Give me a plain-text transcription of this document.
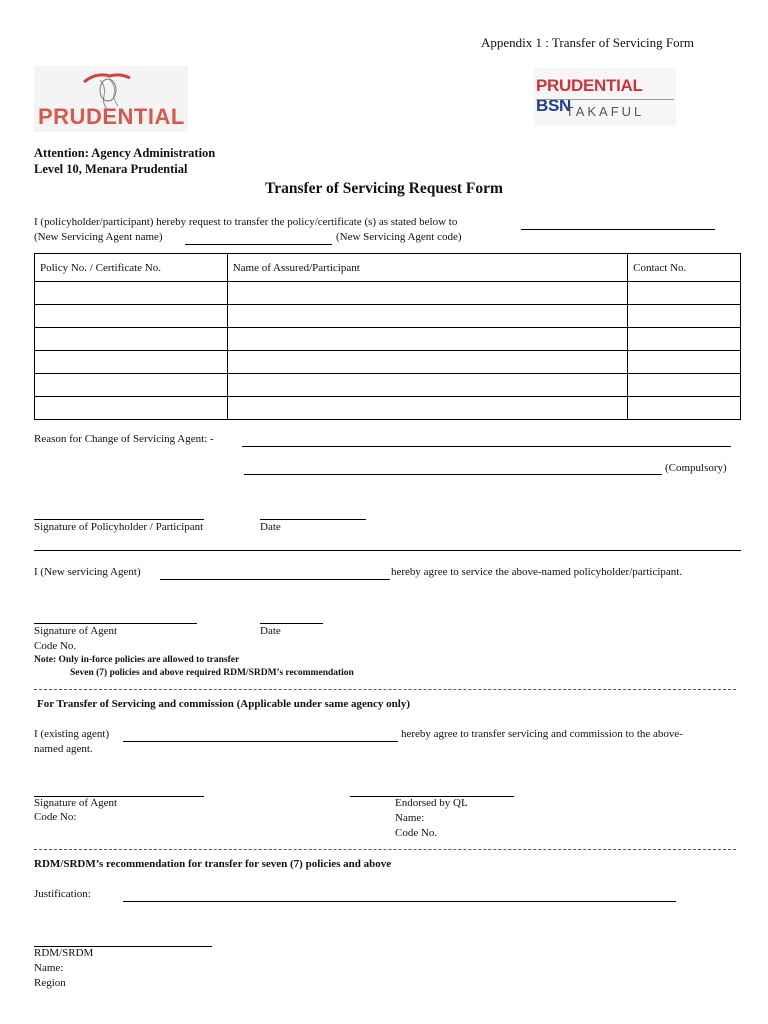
Appendix 1 : Transfer of Servicing Form
PRUDENTIAL
PRUDENTIAL BSN
TAKAFUL
Attention: Agency Administration
Level 10, Menara Prudential
Transfer of Servicing Request Form
I (policyholder/participant) hereby request to transfer the policy/certificate (s) as stated below to
(New Servicing Agent name)	(New Servicing Agent code)
Policy No. / Certificate No.	Name of Assured/Participant	Contact No.

Reason for Change of Servicing Agent: -
(Compulsory)
Signature of Policyholder / Participant	Date
I (New servicing Agent)	hereby agree to service the above-named policyholder/participant.
Signature of Agent	Date
Code No.
Note: Only in-force policies are allowed to transfer
Seven (7) policies and above required RDM/SRDM’s recommendation
For Transfer of Servicing and commission (Applicable under same agency only)
I (existing agent)	hereby agree to transfer servicing and commission to the above-
named agent.
Signature of Agent
Code No:
Endorsed by QL
Name:
Code No.
RDM/SRDM’s recommendation for transfer for seven (7) policies and above
Justification:
RDM/SRDM
Name:
Region
